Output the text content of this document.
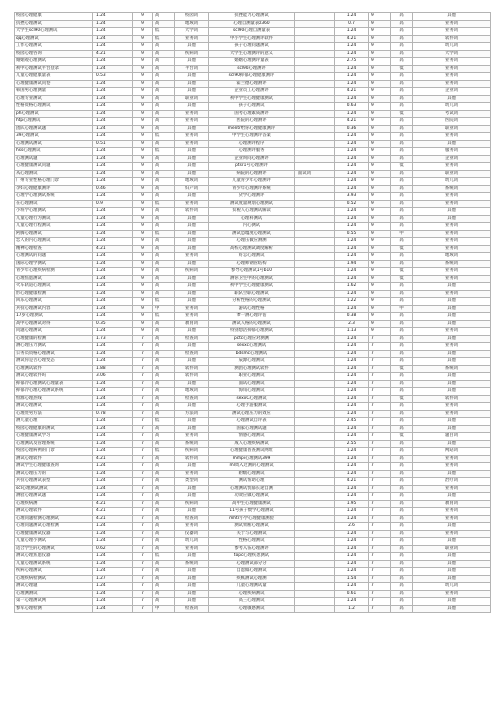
校园心理健康	1.24	9	高	校园词	抗挫能力心理测试		1.24	9	高	其他
抗挫心理测试	1.24	9	高	地域词	心理自测量表z360		0.7	9	高	业务词
大学生scl90心理测试	1.24	9	低	大学词	scl90心理自测量表		1.24	9	高	业务词
qq心理测试	1.24	9	低	业务词	中小学生心理测评软件		4.21	9	高	软件词
工作心理测试	1.24	9	高	其他	孩子心理问题测试		1.24	9	高	幼儿词
校园心理咨询	4.21	9	高	疾病词	大学生心理测评的意义		1.24	9	高	大学词
婚姻观心理测试	1.24	9	高	其他	婚姻心理测评量表		2.75	9	高	业务词
初中心理测试平台登录	1.24	9	高	平台词	scl90心理测评		1.24	9	低	业务词
儿童心理健康量表	0.53	9	高	其他	scl90抑郁心理健康测评		1.24	9	高	业务词
心理健康测试问卷	1.24	9	高	其他	霍兰德心理测评		1.24	9	高	业务词
韩国男心理测量	1.24	9	高	其他	企业员工心理测评		4.21	9	高	企业词
心理专业测试	1.24	9	高	职业词	初中学生心理健康测试		1.24	9	高	其他
性格资格心理测试	1.24	9	高	其他	孩子心理测试		0.63	9	高	幼儿词
ph心理测试	1.24	9	高	业务词	国考心理素质测评		1.24	9	低	考试词
htp心理测试	1.24	9	高	业务词	医院的心理测评		4.21	9	高	医院词
团队心理测试题	1.24	9	高	其他	mentr给你心理健康测评		0.36	9	高	职业词
39心理测试	1.24	9	低	业务词	中学生心理测评答案		1.24	9	高	业务词
心理测试测试	0.51	9	高	业务词	心理测评程序		1.24	9	高	其他
hss心理测试	1.24	9	低	其他	心理测评服务		1.24	9	高	服务词
心理测试题	1.24	9	高	其他	企业询问心理测评		1.24	9	高	企业词
心理健康测试问题	1.24	9	高	其他	ptsr1号心理测评		1.24	9	低	业务词
从心理测试	1.24	9	高	其他	病院的心理测评	面试词	1.24	9	高	职业词
广州专业性格心理门诊	1.24	9	高	地域词	儿童青少年心理测评		1.24	9	高	幼儿词
孕妇心理健康测评	0.46	9	高	妇产词	青少年心理测评系统		1.24	9	高	系统词
心理学心理测试系统	1.24	9	高	其他	贷学心理测评		3.93	9	高	业务词
在心理测试	0.9	9	低	业务词	测试度量规划心理测试		0.52	9	高	业务词
小班学心理测试	1.24	9	高	软件词	贫税人心理测试解读		1.24	9	高	其他
儿童心理行为测试	1.24	9	高	其他	心理科测试		1.24	9	高	其他
儿童心理行程测试	1.24	9	高	其他	内心测试		1.24	9	高	业务词
阿腾心理测试	1.24	9	低	其他	测试恐墟度心理测试		0.55	9	中	业务词
恋人的内心理测试	1.24	9	高	其他	心理压微应测测		1.24	9	高	业务词
精神心理检查	4.21	9	高	其他	高校心理测试调度解析		1.24	9	低	业务词
心理测试的问题	1.24	9	高	业务词	好怎心理测试		1.24	9	高	地域词
国际心理学测试	1.24	9	高	其他	心理师钢管结构		1.94	9	高	系统词
青少年心理疾病检测	1.24	9	高	疾病词	参导心理测试1号b10		1.24	9	低	业务词
心理焦虑测试	1.24	9	高	其他	测你卫生中的心理测试		1.24	9	低	业务词
火车轨道心理测试	1.24	9	高	其他	初中学生心理健康测试		1.62	9	高	其他
形心理健康检测	1.24	9	高	其他	职队空职心理测试		1.24	9	高	业务词
回乐心理测试	1.24	9	低	其他	分析性格的心理测试		1.22	9	高	其他
兵役心理测试内容	1.24	9	中	业务词	游试心理性格		1.24	9	中	其他
17岁心理测试	1.24	9	低	业务词	爹一测心理评估		0.38	9	高	其他
高中心理测试对得	0.35	9	高	教育词	测试人格的心理测试		2.3	9	高	其他
问题心理测试	1.24	9	高	其他	特别想活抑郁心理测试		1.13	9	高	业务词
心理健康的检测	1.73	7	高	检查词	pctc心理应对测测		1.24	7	高	其他
测心理压力测试	1.24	7	高	其他	sexxc心理测试		1.24	7	高	业务词
公务员资格心理测试	1.24	7	高	检查词	bdsmc心理测试		1.24	7	高	其他
测试你是否心理变态	1.24	7	高	其他	辰源心理测试		1.24	7	高	其他
心理测试软件	1.88	7	高	软件词	测团心理测试软件		1.24	7	低	系统词
测试心理软件吗	3.06	7	高	软件词	职业心理测试		1.24	7	高	其他
抑郁冷心理测试心理量表	1.24	7	高	其他	面试心理测试		1.24	7	高	其他
抑郁冷心理心理测试系统	1.24	7	高	地域词	海角心理测试		1.24	7	高	其他
恒源心理热线	1.24	7	高	检查词	sexxC心理测试		1.24	7	低	软件词
测试心理测试	1.24	7	高	其他	心理手游服测试		1.24	7	高	业务词
心理处男方法	0.78	7	高	方法词	测试心理压力的效应		1.24	7	高	业务词
测儿童心理	1.24	7	低	其他	心理测试自评表		2.45	7	高	其他
校园心理健康的测试	1.24	7	高	其他	国家心理测试题		1.24	7	高	其他
心理健康测试学习	1.24	7	高	业务词	情感心理测试		1.24	7	低	题目词
心理测试及管理系统	1.24	7	高	系统词	成人心理疾病测试		2.55	7	高	其他
校园心理病例的门诊	1.24	7	低	疾病词	心理健康普查测试网址		1.24	7	高	网站词
测试心理软件	4.21	7	高	软件词	mmpi心理测试399		1.24	7	高	业务词
测试学生心理健康查询	1.24	7	高	其他	ml周入过测的心理测试		1.24	7	高	业务词
测试心理压力的	1.24	7	高	业务词	附级心理测试		1.24	7	高	其他
兵役心理测试表型	1.24	7	高	类型词	测试帮助心理		4.21	7	高	治疗词
scl心理测试测试	1.24	7	高	其他	心理测试忧郁长途自测		1.24	7	高	业务词
测验心理测试题	1.24	7	高	其他	功效应做心理测试		1.24	7	高	其他
心理疾病测	4.21	7	高	疾病词	高中生心理健康测试		1.95	7	高	教育词
测试心理软件	4.21	7	高	其他	11号孩子数学心理测试		1.24	7	高	业务词
心理问题检测心理测试	4.21	7	高	检查词	mhtr小学心理健康测验		1.24	7	高	业务词
心理问题测试心理检测	1.24	7	高	业务词	测试果断心理测试		2.6	7	高	其他
心理健康测试仪器	1.24	7	高	仪器词	关于与心理测试		1.24	7	高	业务词
儿童心理小测试	1.24	7	高	幼儿词	性格心理测试		1.24	7	高	其他
适合学生的心理测试	0.62	7	高	业务词	参考入伍心理测评		1.24	7	高	职业词
测试心理焦虑仪器	1.24	7	低	其他	topc心理疾患测试		1.24	7	高	其他
儿童心理测试系统	1.24	7	高	系统词	心理测试部分分		1.24	7	高	其他
疾病心理测试	1.24	7	高	其他	自愿做心理测试		1.24	7	高	其他
心理疾病检测试	1.27	7	高	其他	疾帐测试心理测		1.54	7	高	其他
测试心理题	1.24	7	高	其他	儿童心理测试量		1.24	7	高	幼儿词
心理测测试	1.24	7	高	其他	心理疾病测试		0.61	7	高	业务词
第一心理测试网	1.24	7	高	其他	高三心理测试		1.24	7	高	其他
参军心理检测	1.24	7	中	检查词	心理敏感测试		1.2	7	高	其他
